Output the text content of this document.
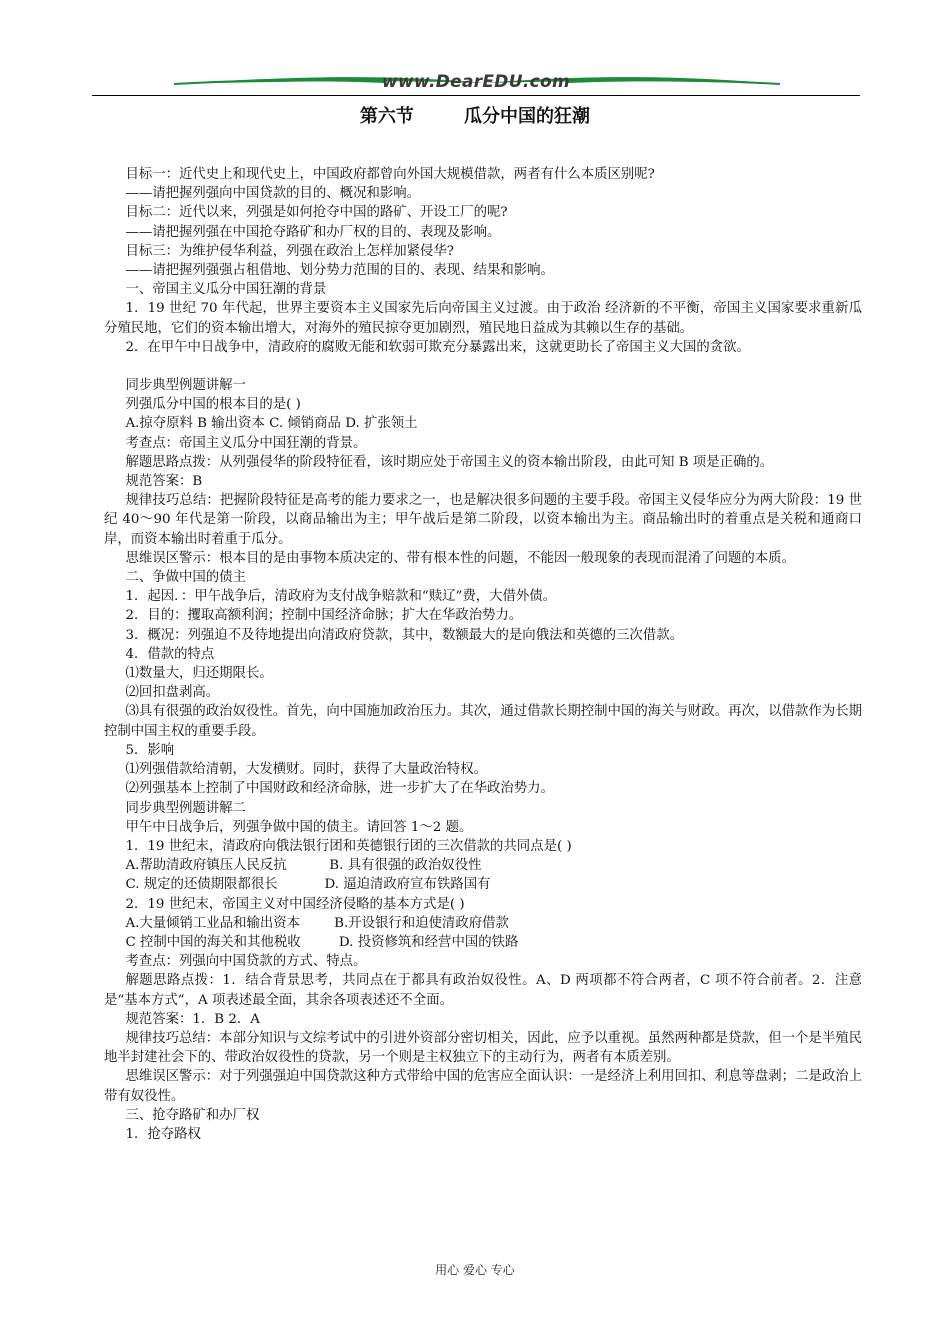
www.DearEDU.com
第六节        瓜分中国的狂潮

目标一：近代史上和现代史上，中国政府都曾向外国大规模借款，两者有什么本质区别呢?

——请把握列强向中国贷款的目的、概况和影响。

目标二：近代以来，列强是如何抢夺中国的路矿、开设工厂的呢?

——请把握列强在中国抢夺路矿和办厂权的目的、表现及影响。

目标三：为维护侵华利益，列强在政治上怎样加紧侵华?

——请把握列强强占租借地、划分势力范围的目的、表现、结果和影响。

一、帝国主义瓜分中国狂潮的背景

1．19 世纪 70 年代起，世界主要资本主义国家先后向帝国主义过渡。由于政治 经济新的不平衡，帝国主义国家要求重新瓜分殖民地，它们的资本输出增大，对海外的殖民掠夺更加剧烈，殖民地日益成为其赖以生存的基础。

2．在甲午中日战争中，清政府的腐败无能和软弱可欺充分暴露出来，这就更助长了帝国主义大国的贪欲。

同步典型例题讲解一

列强瓜分中国的根本目的是( )

A.掠夺原料 B 输出资本 C. 倾销商品 D. 扩张领土

考查点：帝国主义瓜分中国狂潮的背景。

解题思路点拨：从列强侵华的阶段特征看，该时期应处于帝国主义的资本输出阶段，由此可知 B 项是正确的。

规范答案：B

规律技巧总结：把握阶段特征是高考的能力要求之一，也是解决很多问题的主要手段。帝国主义侵华应分为两大阶段：19 世纪 40～90 年代是第一阶段，以商品输出为主；甲午战后是第二阶段，以资本输出为主。商品输出时的着重点是关税和通商口岸，而资本输出时着重于瓜分。

思维误区警示：根本目的是由事物本质决定的、带有根本性的问题，不能因一般现象的表现而混淆了问题的本质。

二、争做中国的债主

1．起因．：甲午战争后，清政府为支付战争赔款和“赎辽”费，大借外债。

2．目的：攫取高额利润；控制中国经济命脉；扩大在华政治势力。

3．概况：列强迫不及待地提出向清政府贷款，其中，数额最大的是向俄法和英德的三次借款。

4．借款的特点

⑴数量大，归还期限长。

⑵回扣盘剥高。

⑶具有很强的政治奴役性。首先，向中国施加政治压力。其次，通过借款长期控制中国的海关与财政。再次，以借款作为长期控制中国主权的重要手段。

5．影响

⑴列强借款给清朝，大发横财。同时，获得了大量政治特权。

⑵列强基本上控制了中国财政和经济命脉，进一步扩大了在华政治势力。

同步典型例题讲解二

甲午中日战争后，列强争做中国的债主。请回答 1～2 题。

1．19 世纪末，清政府向俄法银行团和英德银行团的三次借款的共同点是( )

A.帮助清政府镇压人民反抗          B. 具有很强的政治奴役性

C. 规定的还债期限都很长           D. 逼迫清政府宣布铁路国有

2．19 世纪末，帝国主义对中国经济侵略的基本方式是( )

A.大量倾销工业品和输出资本        B.开设银行和迫使清政府借款

C 控制中国的海关和其他税收         D. 投资修筑和经营中国的铁路

考查点：列强向中国贷款的方式、特点。

解题思路点拨：1．结合背景思考，共同点在于都具有政治奴役性。A、D 两项都不符合两者，C 项不符合前者。2．注意是“基本方式”，A 项表述最全面，其余各项表述还不全面。

规范答案：1．B 2．A

规律技巧总结：本部分知识与文综考试中的引进外资部分密切相关，因此，应予以重视。虽然两种都是贷款，但一个是半殖民地半封建社会下的、带政治奴役性的贷款，另一个则是主权独立下的主动行为，两者有本质差别。

思维误区警示：对于列强强迫中国贷款这种方式带给中国的危害应全面认识：一是经济上利用回扣、利息等盘剥；二是政治上带有奴役性。

三、抢夺路矿和办厂权

1．抢夺路权

用心 爱心 专心
